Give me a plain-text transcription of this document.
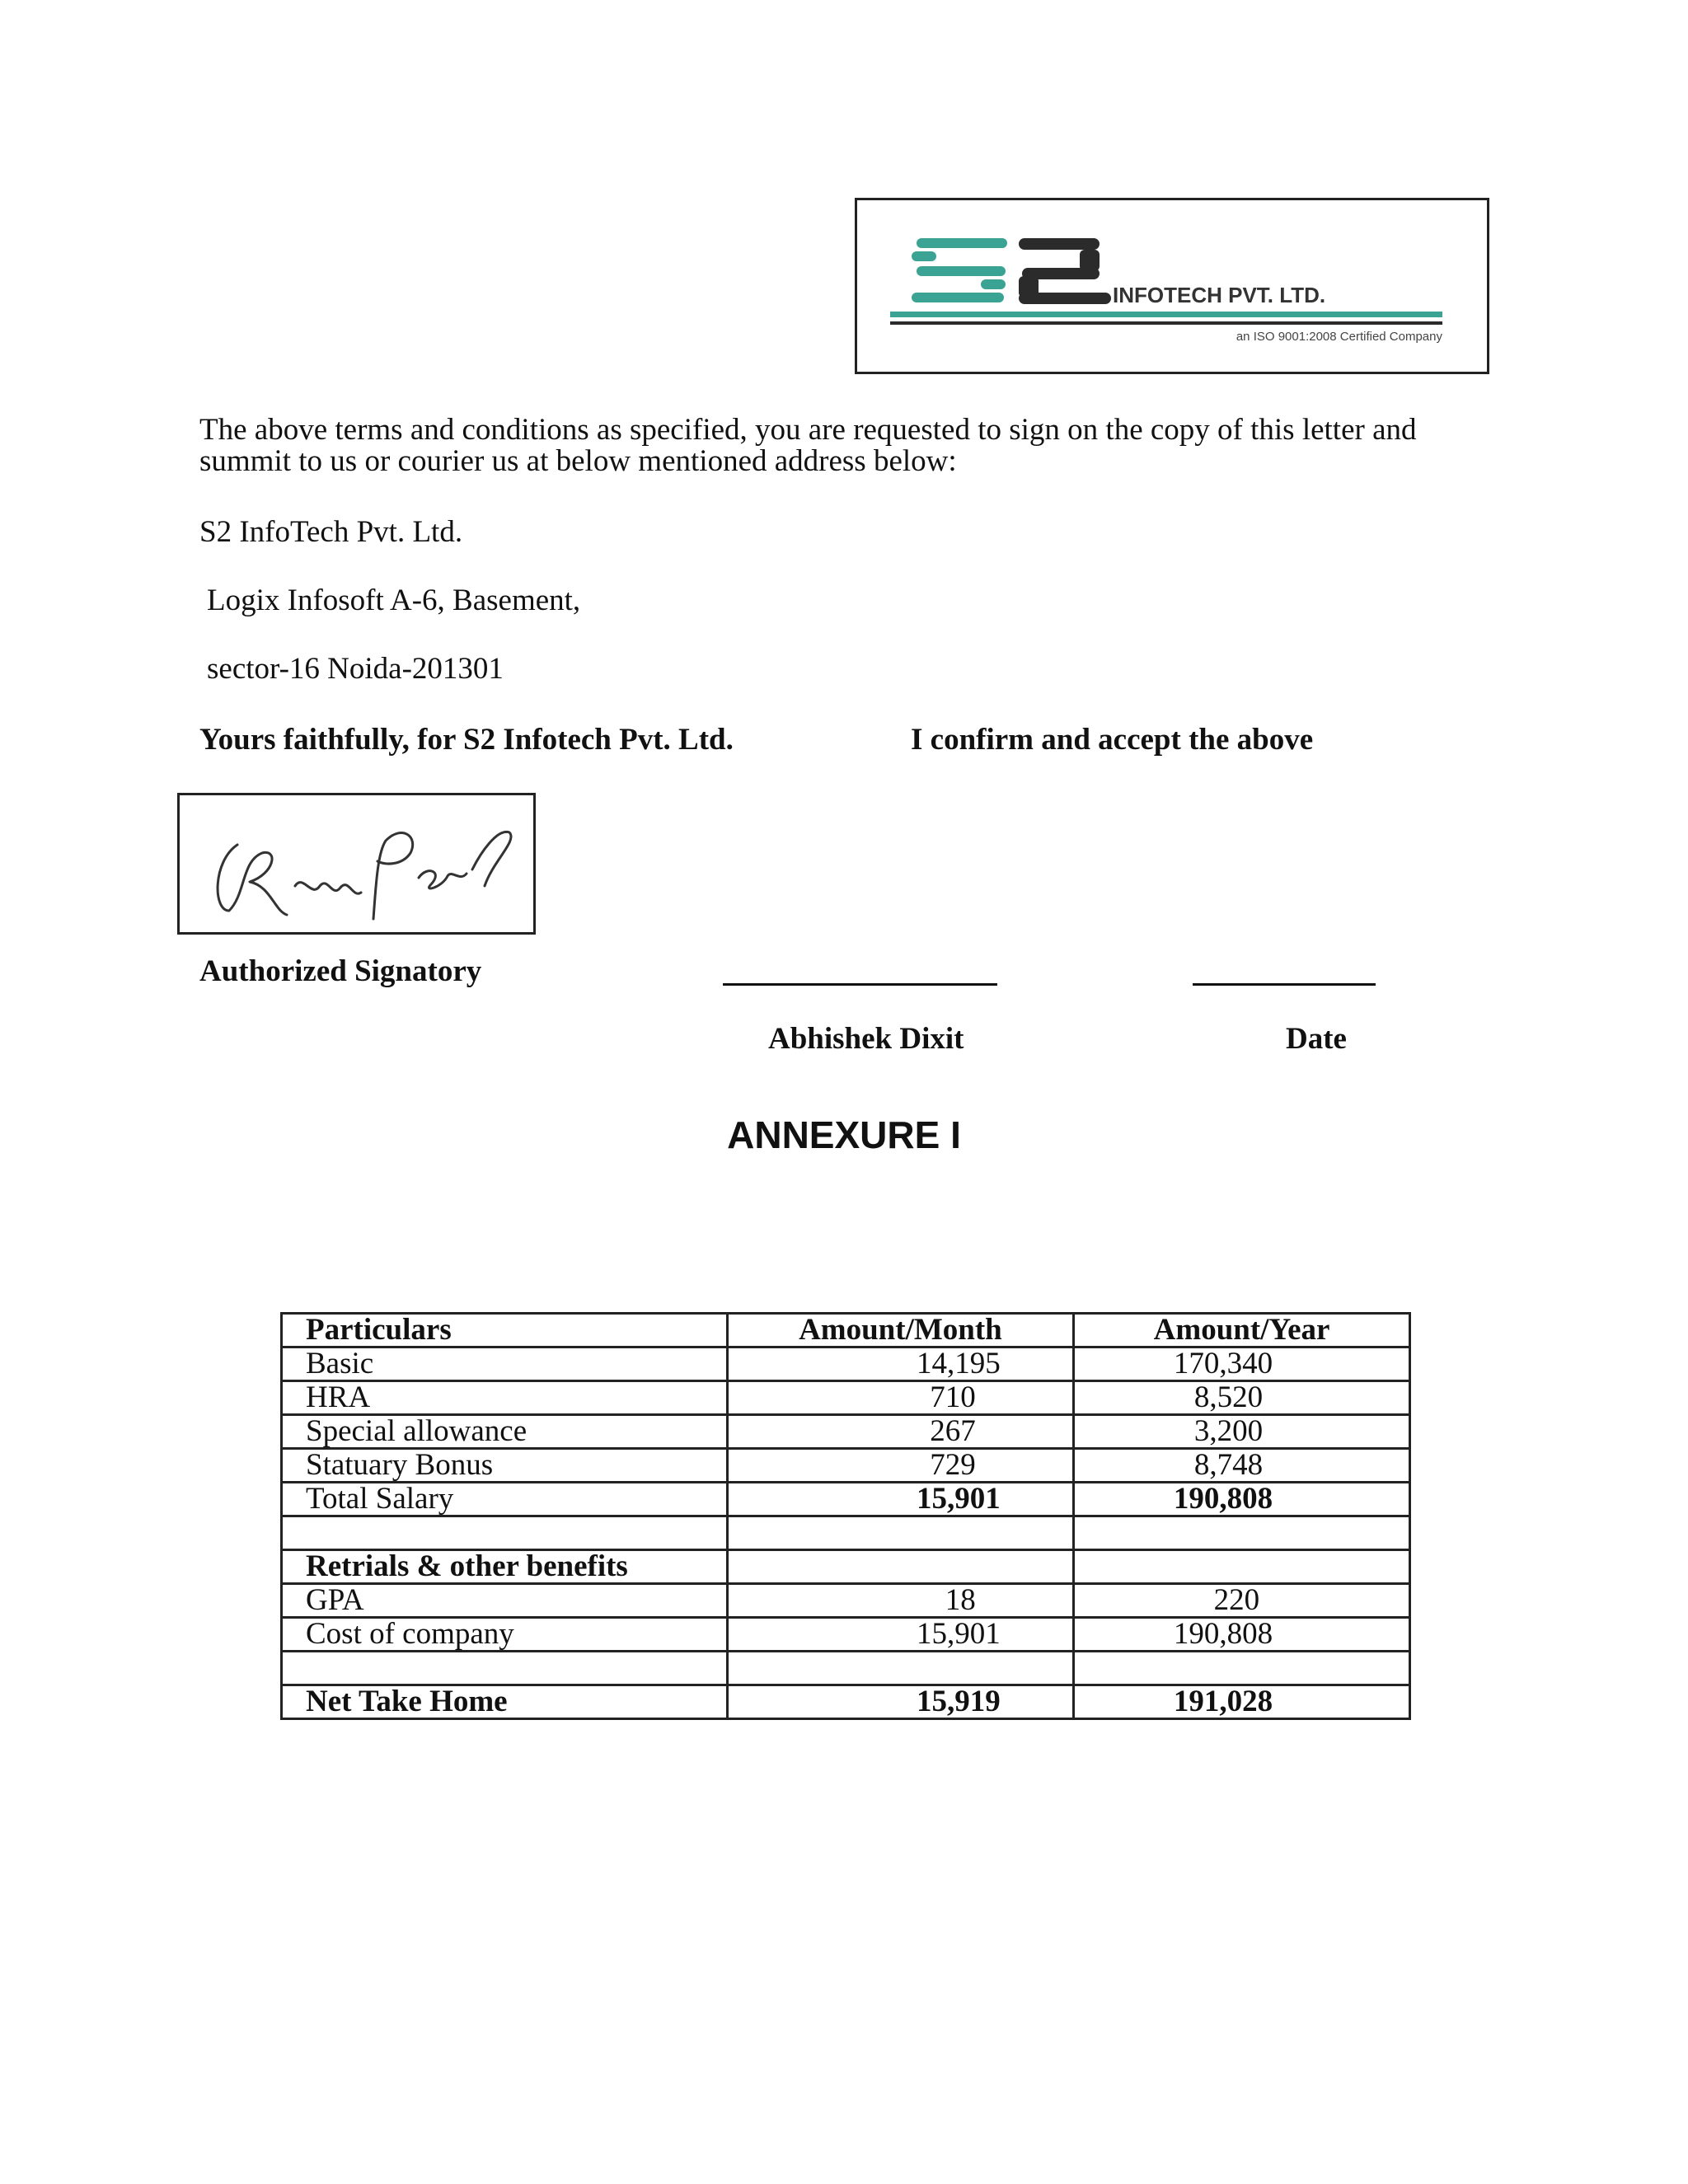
INFOTECH PVT. LTD.
an ISO 9001:2008 Certified Company
The above terms and conditions as specified, you are requested to sign on the copy of this letter and
summit to us or courier us at below mentioned address below:
S2 InfoTech Pvt. Ltd.
Logix Infosoft A-6, Basement,
sector-16 Noida-201301
Yours faithfully, for S2 Infotech Pvt. Ltd.	I confirm and accept the above
Authorized Signatory
Abhishek Dixit	Date
ANNEXURE I
Particulars	Amount/Month	Amount/Year
Basic	14,195	170,340
HRA	710	8,520
Special allowance	267	3,200
Statuary Bonus	729	8,748
Total Salary	15,901	190,808

Retrials & other benefits		
GPA	18	220
Cost of company	15,901	190,808

Net Take Home	15,919	191,028
